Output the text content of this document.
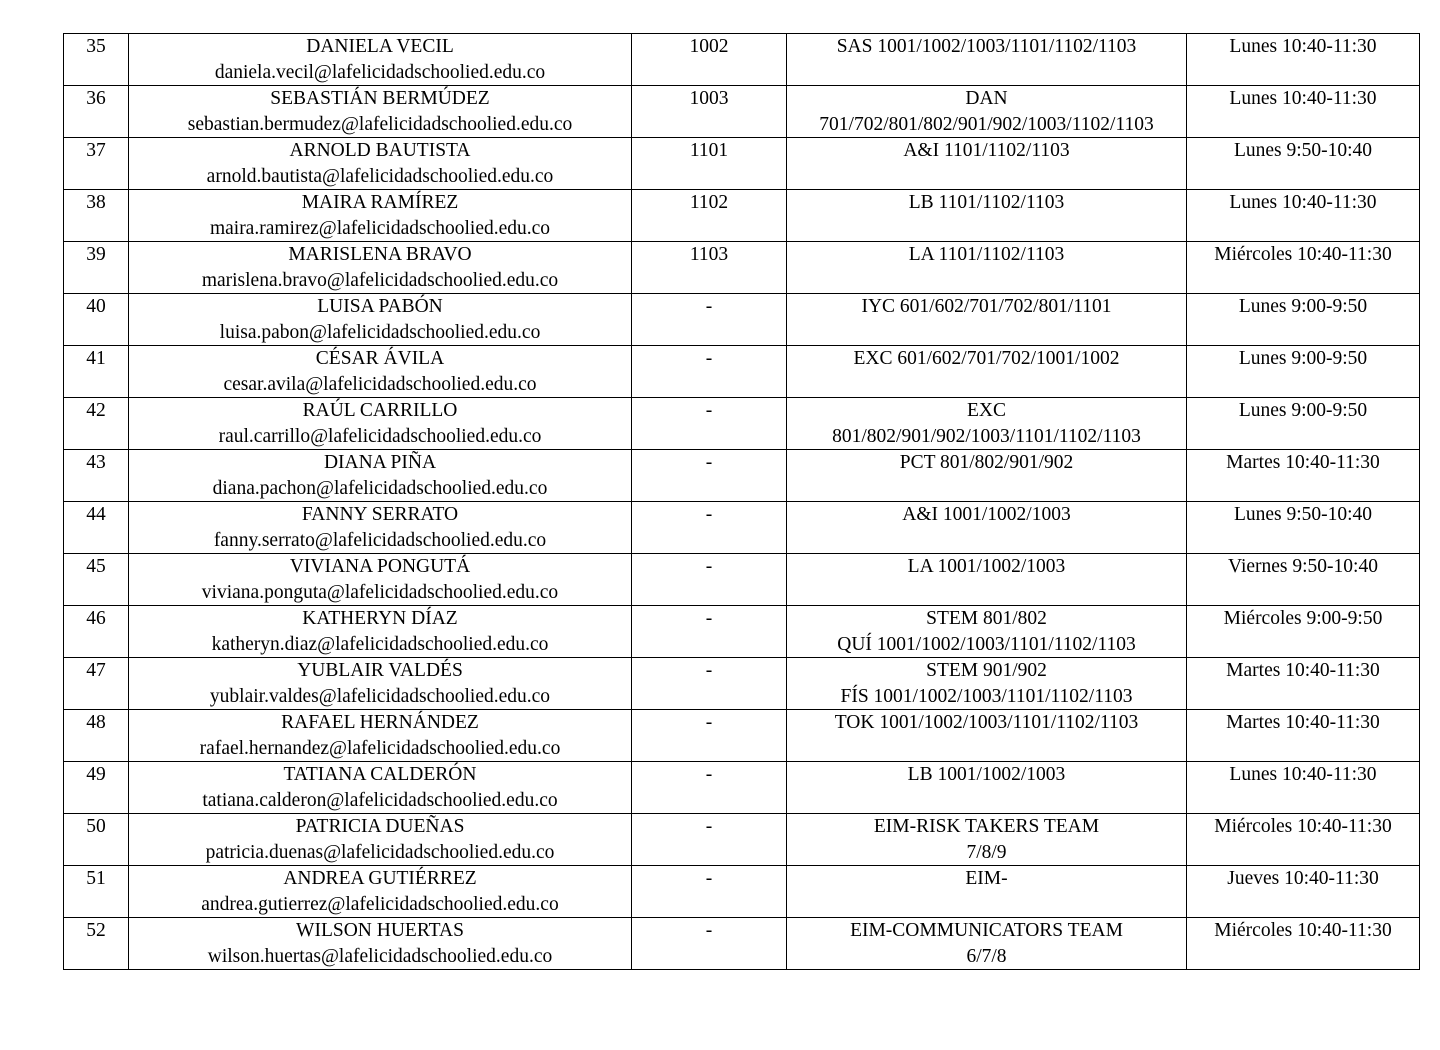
35	DANIELA VECIL
daniela.vecil@lafelicidadschoolied.edu.co	1002	SAS 1001/1002/1003/1101/1102/1103	Lunes 10:40-11:30

36	SEBASTIÁN BERMÚDEZ
sebastian.bermudez@lafelicidadschoolied.edu.co	1003	DAN
701/702/801/802/901/902/1003/1102/1103	Lunes 10:40-11:30

37	ARNOLD BAUTISTA
arnold.bautista@lafelicidadschoolied.edu.co	1101	A&I 1101/1102/1103	Lunes 9:50-10:40

38	MAIRA RAMÍREZ
maira.ramirez@lafelicidadschoolied.edu.co	1102	LB 1101/1102/1103	Lunes 10:40-11:30

39	MARISLENA BRAVO
marislena.bravo@lafelicidadschoolied.edu.co	1103	LA 1101/1102/1103	Miércoles 10:40-11:30

40	LUISA PABÓN
luisa.pabon@lafelicidadschoolied.edu.co	-	IYC 601/602/701/702/801/1101	Lunes 9:00-9:50

41	CÉSAR ÁVILA
cesar.avila@lafelicidadschoolied.edu.co	-	EXC 601/602/701/702/1001/1002	Lunes 9:00-9:50

42	RAÚL CARRILLO
raul.carrillo@lafelicidadschoolied.edu.co	-	EXC
801/802/901/902/1003/1101/1102/1103	Lunes 9:00-9:50

43	DIANA PIÑA
diana.pachon@lafelicidadschoolied.edu.co	-	PCT 801/802/901/902	Martes 10:40-11:30

44	FANNY SERRATO
fanny.serrato@lafelicidadschoolied.edu.co	-	A&I 1001/1002/1003	Lunes 9:50-10:40

45	VIVIANA PONGUTÁ
viviana.ponguta@lafelicidadschoolied.edu.co	-	LA 1001/1002/1003	Viernes 9:50-10:40

46	KATHERYN DÍAZ
katheryn.diaz@lafelicidadschoolied.edu.co	-	STEM 801/802
QUÍ 1001/1002/1003/1101/1102/1103	Miércoles 9:00-9:50

47	YUBLAIR VALDÉS
yublair.valdes@lafelicidadschoolied.edu.co	-	STEM 901/902
FÍS 1001/1002/1003/1101/1102/1103	Martes 10:40-11:30

48	RAFAEL HERNÁNDEZ
rafael.hernandez@lafelicidadschoolied.edu.co	-	TOK 1001/1002/1003/1101/1102/1103	Martes 10:40-11:30

49	TATIANA CALDERÓN
tatiana.calderon@lafelicidadschoolied.edu.co	-	LB 1001/1002/1003	Lunes 10:40-11:30

50	PATRICIA DUEÑAS
patricia.duenas@lafelicidadschoolied.edu.co	-	EIM-RISK TAKERS TEAM
7/8/9	Miércoles 10:40-11:30

51	ANDREA GUTIÉRREZ
andrea.gutierrez@lafelicidadschoolied.edu.co	-	EIM-	Jueves 10:40-11:30

52	WILSON HUERTAS
wilson.huertas@lafelicidadschoolied.edu.co	-	EIM-COMMUNICATORS TEAM
6/7/8	Miércoles 10:40-11:30
